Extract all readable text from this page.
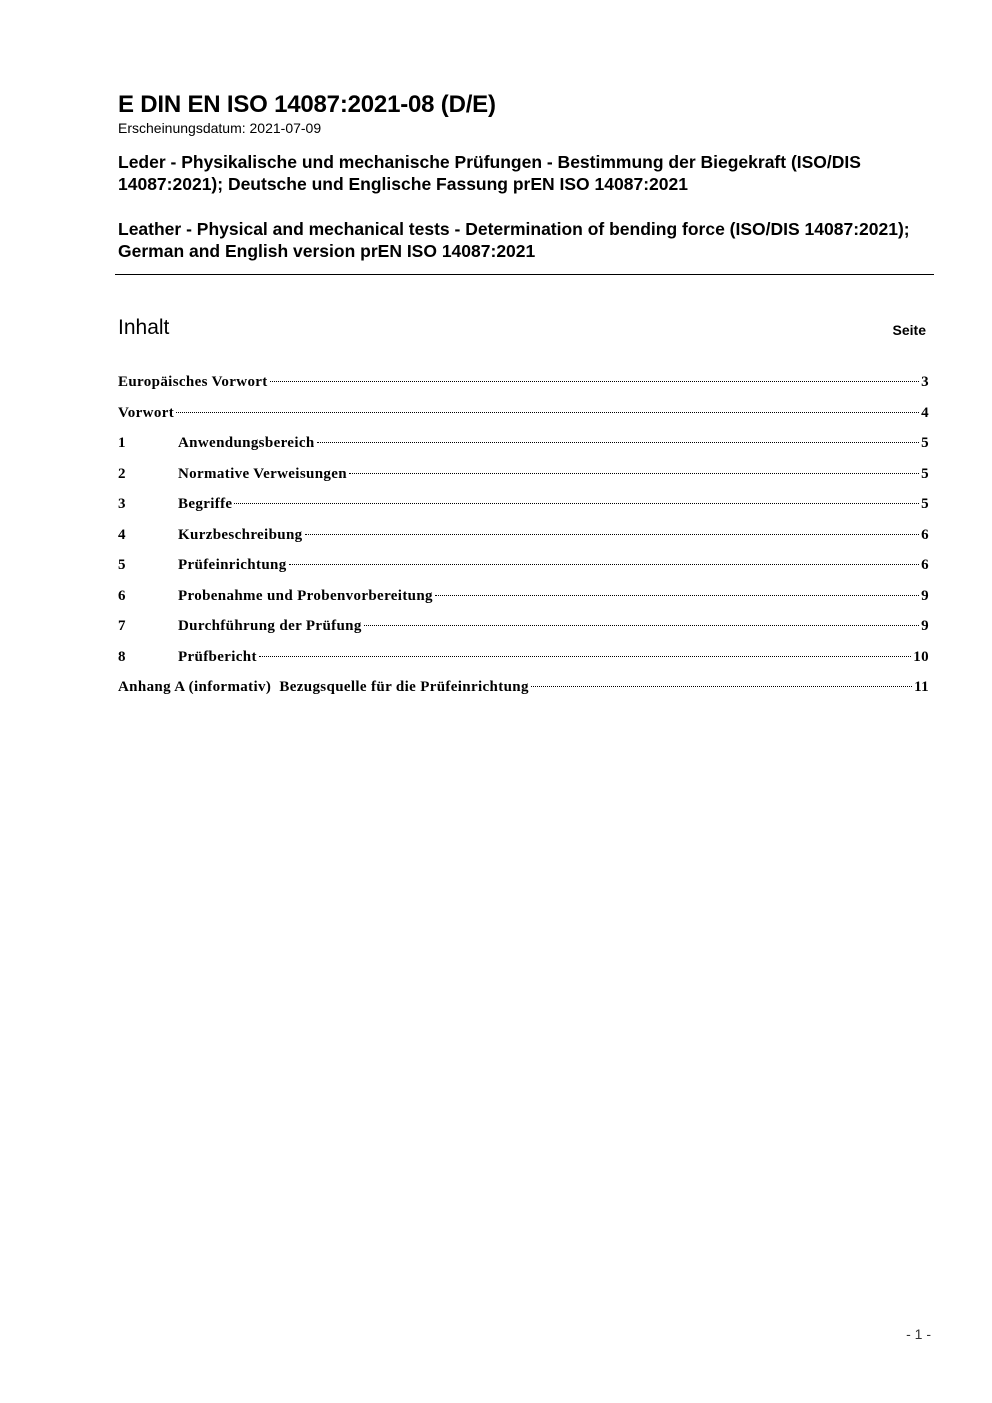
E DIN EN ISO 14087:2021-08 (D/E)
Erscheinungsdatum: 2021-07-09
Leder - Physikalische und mechanische Prüfungen - Bestimmung der Biegekraft (ISO/DIS 14087:2021); Deutsche und Englische Fassung prEN ISO 14087:2021
Leather - Physical and mechanical tests - Determination of bending force (ISO/DIS 14087:2021); German and English version prEN ISO 14087:2021
Inhalt	Seite
Europäisches Vorwort	3
Vorwort	4
1	Anwendungsbereich	5
2	Normative Verweisungen	5
3	Begriffe	5
4	Kurzbeschreibung	6
5	Prüfeinrichtung	6
6	Probenahme und Probenvorbereitung	9
7	Durchführung der Prüfung	9
8	Prüfbericht	10
Anhang A (informativ)  Bezugsquelle für die Prüfeinrichtung	11
- 1 -
